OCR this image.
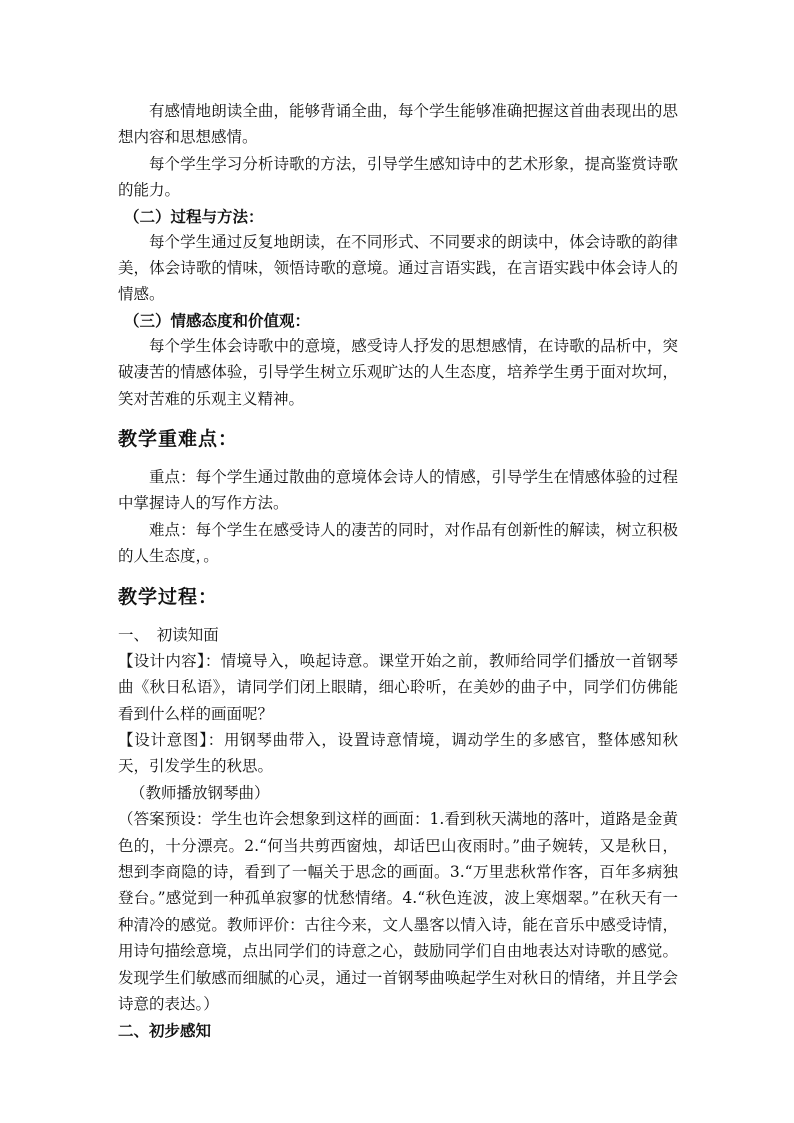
有感情地朗读全曲，能够背诵全曲，每个学生能够准确把握这首曲表现出的思想内容和思想感情。

每个学生学习分析诗歌的方法，引导学生感知诗中的艺术形象，提高鉴赏诗歌的能力。

（二）过程与方法：

每个学生通过反复地朗读，在不同形式、不同要求的朗读中，体会诗歌的韵律美，体会诗歌的情味，领悟诗歌的意境。通过言语实践，在言语实践中体会诗人的情感。

（三）情感态度和价值观：

每个学生体会诗歌中的意境，感受诗人抒发的思想感情，在诗歌的品析中，突破凄苦的情感体验，引导学生树立乐观旷达的人生态度，培养学生勇于面对坎坷，笑对苦难的乐观主义精神。

教学重难点：

重点：每个学生通过散曲的意境体会诗人的情感，引导学生在情感体验的过程中掌握诗人的写作方法。

难点：每个学生在感受诗人的凄苦的同时，对作品有创新性的解读，树立积极的人生态度，。

教学过程：

一、　初读知面

【设计内容】：情境导入，唤起诗意。课堂开始之前，教师给同学们播放一首钢琴曲《秋日私语》，请同学们闭上眼睛，细心聆听，在美妙的曲子中，同学们仿佛能看到什么样的画面呢？

【设计意图】：用钢琴曲带入，设置诗意情境，调动学生的多感官，整体感知秋天，引发学生的秋思。

（教师播放钢琴曲）

（答案预设：学生也许会想象到这样的画面：1.看到秋天满地的落叶，道路是金黄色的，十分漂亮。2.“何当共剪西窗烛，却话巴山夜雨时。”曲子婉转，又是秋日，想到李商隐的诗，看到了一幅关于思念的画面。3.“万里悲秋常作客，百年多病独登台。”感觉到一种孤单寂寥的忧愁情绪。4.“秋色连波，波上寒烟翠。”在秋天有一种清冷的感觉。教师评价：古往今来，文人墨客以情入诗，能在音乐中感受诗情，用诗句描绘意境，点出同学们的诗意之心，鼓励同学们自由地表达对诗歌的感觉。发现学生们敏感而细腻的心灵，通过一首钢琴曲唤起学生对秋日的情绪，并且学会诗意的表达。）

二、初步感知
